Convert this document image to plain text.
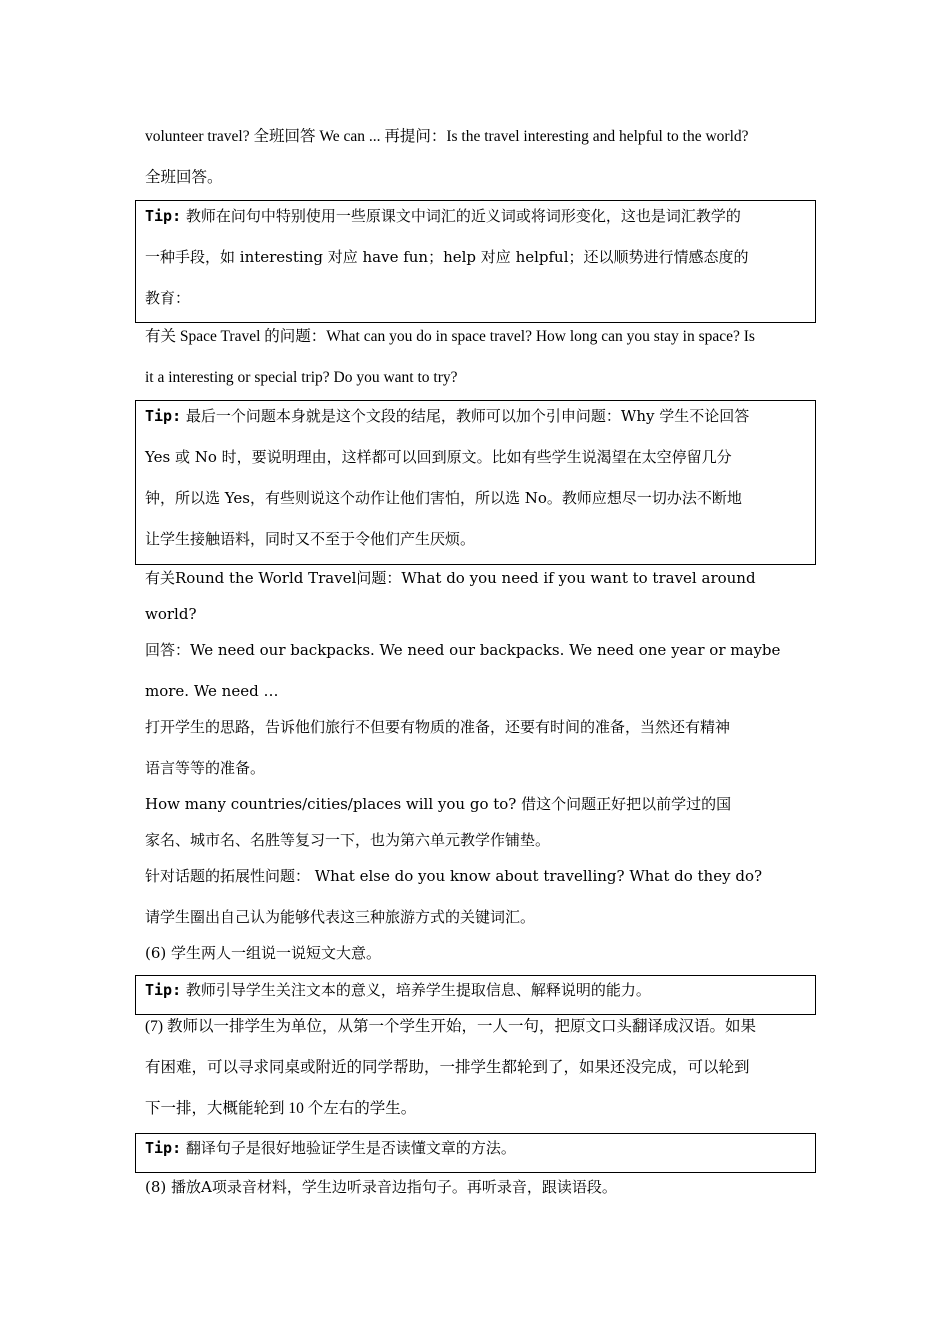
volunteer travel? 全班回答 We can ... 再提问：Is the travel interesting and helpful to the world?
全班回答。
Tip: 教师在问句中特别使用一些原课文中词汇的近义词或将词形变化，这也是词汇教学的
一种手段，如 interesting 对应 have fun；help 对应 helpful；还以顺势进行情感态度的
教育：
有关 Space Travel 的问题：What can you do in space travel? How long can you stay in space? Is
it a interesting or special trip? Do you want to try?
Tip: 最后一个问题本身就是这个文段的结尾，教师可以加个引申问题：Why 学生不论回答
Yes 或 No 时，要说明理由，这样都可以回到原文。比如有些学生说渴望在太空停留几分
钟，所以选 Yes，有些则说这个动作让他们害怕，所以选 No。教师应想尽一切办法不断地
让学生接触语料，同时又不至于令他们产生厌烦。
有关Round the World Travel问题：What do you need if you want to travel around
world?
回答：We need our backpacks. We need our backpacks. We need one year or maybe
more. We need …
打开学生的思路，告诉他们旅行不但要有物质的准备，还要有时间的准备，当然还有精神
语言等等的准备。
How many countries/cities/places will you go to? 借这个问题正好把以前学过的国
家名、城市名、名胜等复习一下，也为第六单元教学作铺垫。
针对话题的拓展性问题： What else do you know about travelling? What do they do?
请学生圈出自己认为能够代表这三种旅游方式的关键词汇。
(6) 学生两人一组说一说短文大意。
Tip: 教师引导学生关注文本的意义，培养学生提取信息、解释说明的能力。
(7) 教师以一排学生为单位，从第一个学生开始，一人一句，把原文口头翻译成汉语。如果
有困难，可以寻求同桌或附近的同学帮助，一排学生都轮到了，如果还没完成，可以轮到
下一排，大概能轮到 10 个左右的学生。
Tip: 翻译句子是很好地验证学生是否读懂文章的方法。
(8) 播放A项录音材料，学生边听录音边指句子。再听录音，跟读语段。
